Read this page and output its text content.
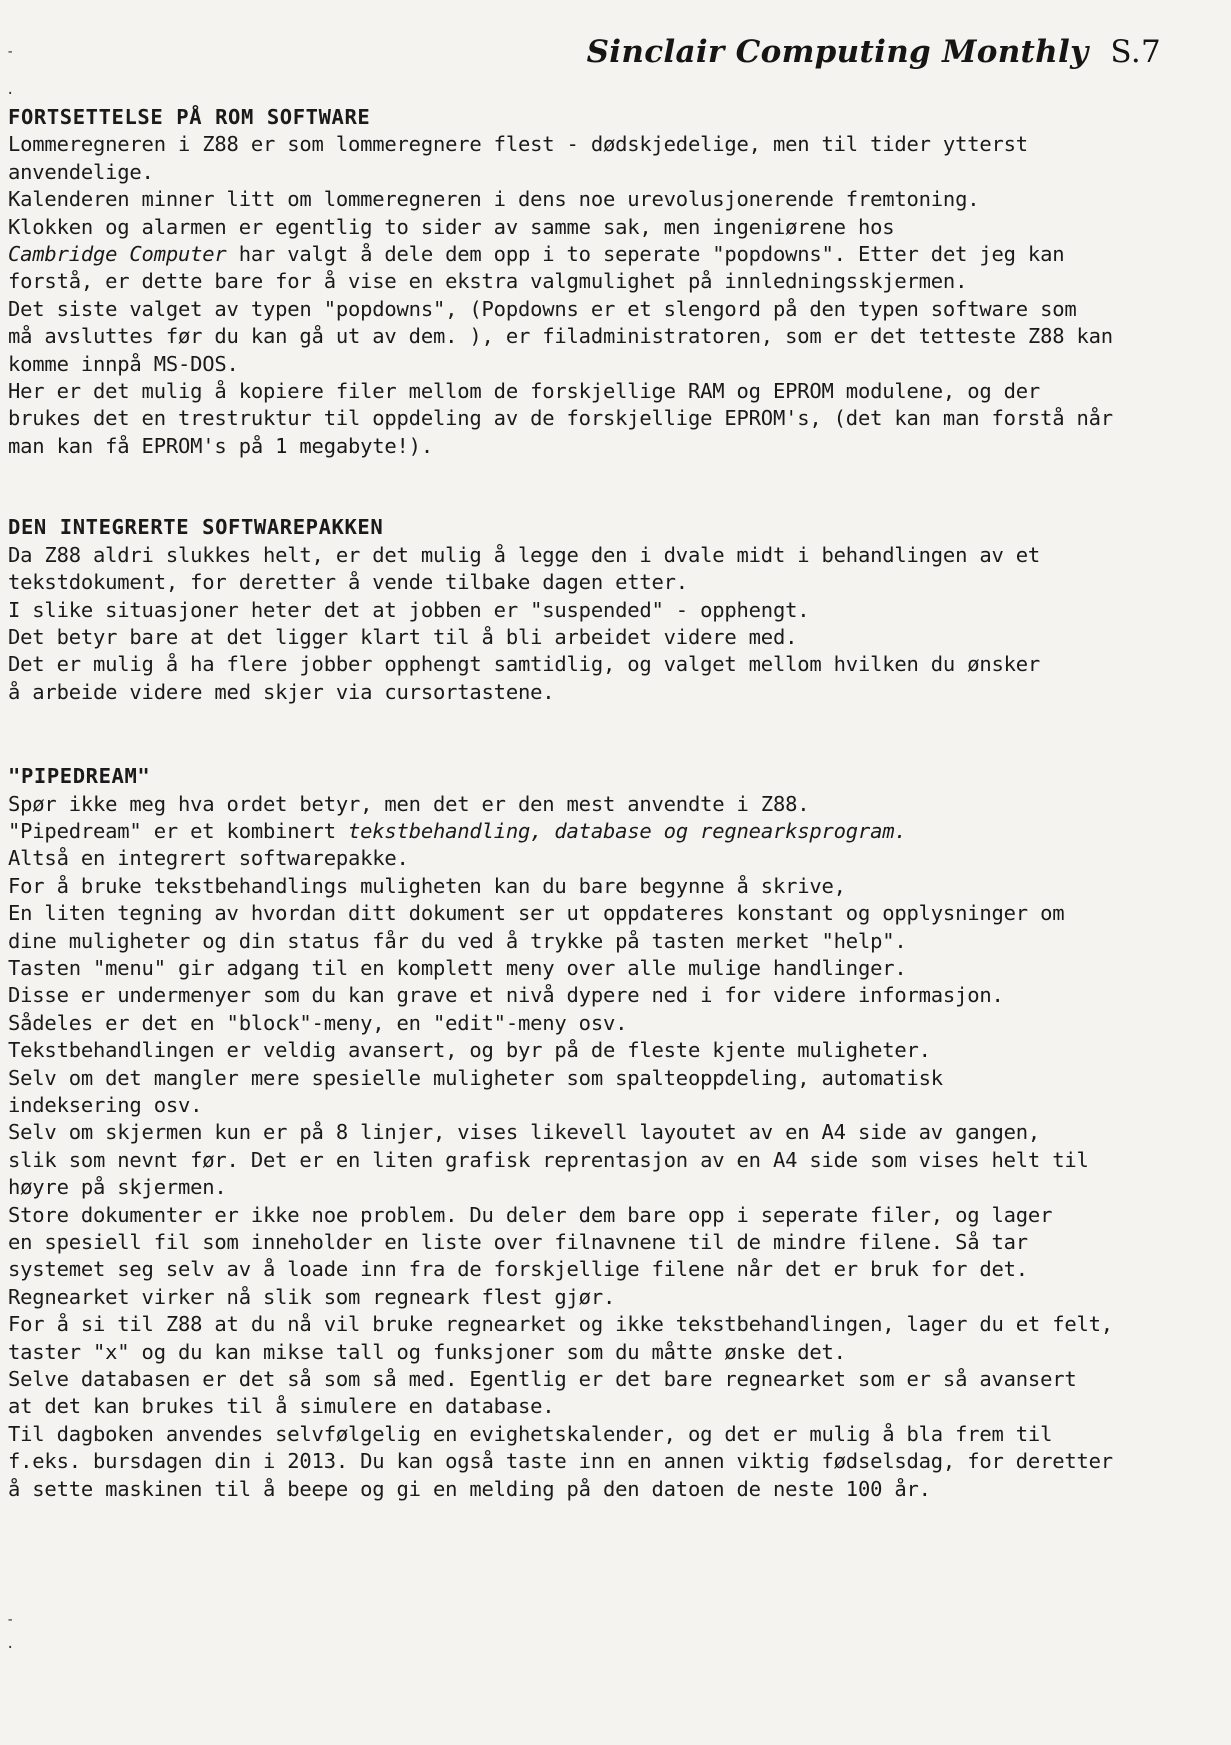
Sinclair Computing Monthly S.7
-
.
-
.

FORTSETTELSE PÅ ROM SOFTWARE

Lommeregneren i Z88 er som lommeregnere flest - dødskjedelige, men til tider ytterst

anvendelige.

Kalenderen minner litt om lommeregneren i dens noe urevolusjonerende fremtoning.

Klokken og alarmen er egentlig to sider av samme sak, men ingeniørene hos

Cambridge Computer har valgt å dele dem opp i to seperate "popdowns". Etter det jeg kan

forstå, er dette bare for å vise en ekstra valgmulighet på innledningsskjermen.

Det siste valget av typen "popdowns", (Popdowns er et slengord på den typen software som

må avsluttes før du kan gå ut av dem. ), er filadministratoren, som er det tetteste Z88 kan

komme innpå MS-DOS.

Her er det mulig å kopiere filer mellom de forskjellige RAM og EPROM modulene, og der

brukes det en trestruktur til oppdeling av de forskjellige EPROM's, (det kan man forstå når

man kan få EPROM's på 1 megabyte!).

DEN INTEGRERTE SOFTWAREPAKKEN

Da Z88 aldri slukkes helt, er det mulig å legge den i dvale midt i behandlingen av et

tekstdokument, for deretter å vende tilbake dagen etter.

I slike situasjoner heter det at jobben er "suspended" - opphengt.

Det betyr bare at det ligger klart til å bli arbeidet videre med.

Det er mulig å ha flere jobber opphengt samtidlig, og valget mellom hvilken du ønsker

å arbeide videre med skjer via cursortastene.

"PIPEDREAM"

Spør ikke meg hva ordet betyr, men det er den mest anvendte i Z88.

"Pipedream" er et kombinert tekstbehandling, database og regnearksprogram.

Altså en integrert softwarepakke.

For å bruke tekstbehandlings muligheten kan du bare begynne å skrive,

En liten tegning av hvordan ditt dokument ser ut oppdateres konstant og opplysninger om

dine muligheter og din status får du ved å trykke på tasten merket "help".

Tasten "menu" gir adgang til en komplett meny over alle mulige handlinger.

Disse er undermenyer som du kan grave et nivå dypere ned i for videre informasjon.

Sådeles er det en "block"-meny, en "edit"-meny osv.

Tekstbehandlingen er veldig avansert, og byr på de fleste kjente muligheter.

Selv om det mangler mere spesielle muligheter som spalteoppdeling, automatisk

indeksering osv.

Selv om skjermen kun er på 8 linjer, vises likevell layoutet av en A4 side av gangen,

slik som nevnt før. Det er en liten grafisk reprentasjon av en A4 side som vises helt til

høyre på skjermen.

Store dokumenter er ikke noe problem. Du deler dem bare opp i seperate filer, og lager

en spesiell fil som inneholder en liste over filnavnene til de mindre filene. Så tar

systemet seg selv av å loade inn fra de forskjellige filene når det er bruk for det.

Regnearket virker nå slik som regneark flest gjør.

For å si til Z88 at du nå vil bruke regnearket og ikke tekstbehandlingen, lager du et felt,

taster "x" og du kan mikse tall og funksjoner som du måtte ønske det.

Selve databasen er det så som så med. Egentlig er det bare regnearket som er så avansert

at det kan brukes til å simulere en database.

Til dagboken anvendes selvfølgelig en evighetskalender, og det er mulig å bla frem til

f.eks. bursdagen din i 2013. Du kan også taste inn en annen viktig fødselsdag, for deretter

å sette maskinen til å beepe og gi en melding på den datoen de neste 100 år.
